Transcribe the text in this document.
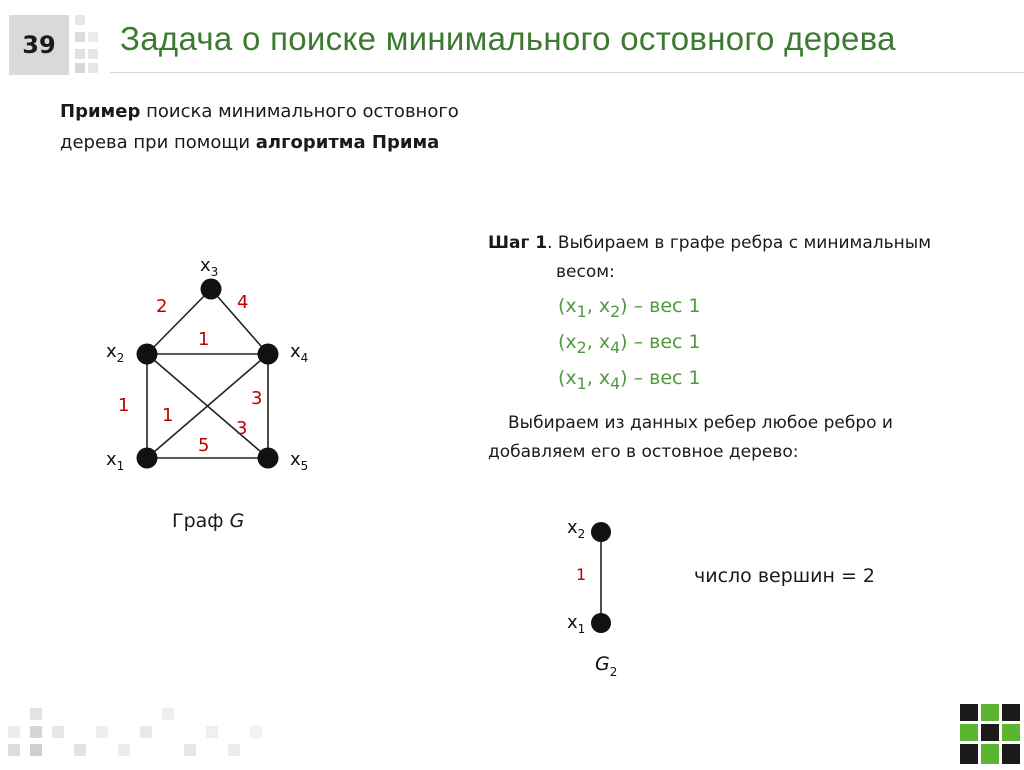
39	Задача о поиске минимального остовного дерева
Пример поиска минимального остовного дерева при помощи алгоритма Прима
$x_3$
$x_2$	$x_4$
$x_1$	$x_5$
2	4
1
1 1
3
3
5
Граф G
Шаг 1. Выбираем в графе ребра с минимальным
весом:
($x_1$, $x_2$) – вес 1
($x_2$, $x_4$) – вес 1
($x_1$, $x_4$) – вес 1
Выбираем из данных ребер любое ребро и
добавляем его в остовное дерево:
$x_2$
$x_1$
1
$G_2$
число вершин = 2
